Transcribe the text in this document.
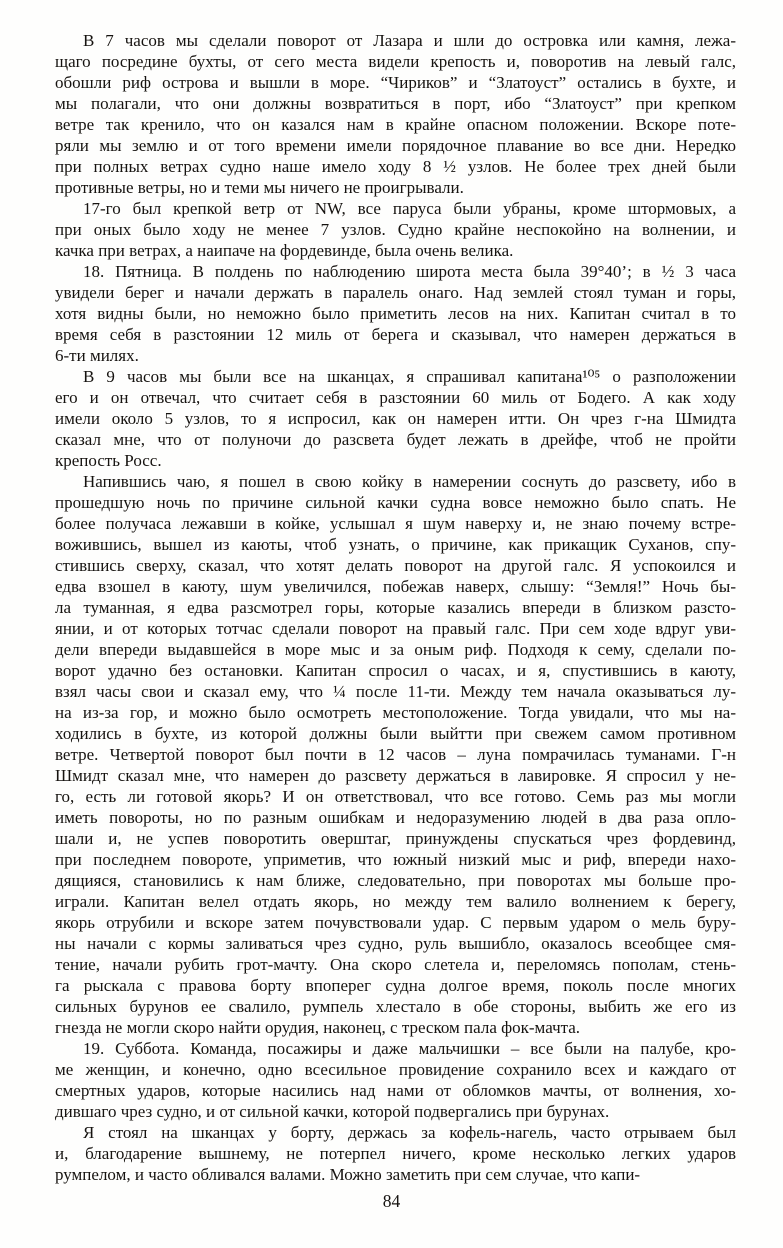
В 7 часов мы сделали поворот от Лазара и шли до островка или камня, лежа-
щаго посредине бухты, от сего места видели крепость и, поворотив на левый галс,
обошли риф острова и вышли в море. “Чириков” и “Златоуст” остались в бухте, и
мы полагали, что они должны возвратиться в порт, ибо “Златоуст” при крепком
ветре так кренило, что он казался нам в крайне опасном положении. Вскоре поте-
ряли мы землю и от того времени имели порядочное плавание во все дни. Нередко
при полных ветрах судно наше имело ходу 8 ½ узлов. Не более трех дней были
противные ветры, но и теми мы ничего не проигрывали.
17-го был крепкой ветр от NW, все паруса были убраны, кроме штормовых, а
при оных было ходу не менее 7 узлов. Судно крайне неспокойно на волнении, и
качка при ветрах, а наипаче на фордевинде, была очень велика.
18. Пятница. В полдень по наблюдению широта места была 39°40’; в ½ 3 часа
увидели берег и начали держать в паралель онаго. Над землей стоял туман и горы,
хотя видны были, но неможно было приметить лесов на них. Капитан считал в то
время себя в разстоянии 12 миль от берега и сказывал, что намерен держаться в
6-ти милях.
В 9 часов мы были все на шканцах, я спрашивал капитана¹⁰⁵ о разположении
его и он отвечал, что считает себя в разстоянии 60 миль от Бодего. А как ходу
имели около 5 узлов, то я испросил, как он намерен итти. Он чрез г-на Шмидта
сказал мне, что от полуночи до разсвета будет лежать в дрейфе, чтоб не пройти
крепость Росс.
Напившись чаю, я пошел в свою койку в намерении соснуть до разсвету, ибо в
прошедшую ночь по причине сильной качки судна вовсе неможно было спать. Не
более получаса лежавши в койке, услышал я шум наверху и, не знаю почему встре-
вожившись, вышел из каюты, чтоб узнать, о причине, как прикащик Суханов, спу-
стившись сверху, сказал, что хотят делать поворот на другой галс. Я успокоился и
едва взошел в каюту, шум увеличился, побежав наверх, слышу: “Земля!” Ночь бы-
ла туманная, я едва разсмотрел горы, которые казались впереди в близком разсто-
янии, и от которых тотчас сделали поворот на правый галс. При сем ходе вдруг уви-
дели впереди выдавшейся в море мыс и за оным риф. Подходя к сему, сделали по-
ворот удачно без остановки. Капитан спросил о часах, и я, спустившись в каюту,
взял часы свои и сказал ему, что ¼ после 11-ти. Между тем начала оказываться лу-
на из-за гор, и можно было осмотреть местоположение. Тогда увидали, что мы на-
ходились в бухте, из которой должны были выйтти при свежем самом противном
ветре. Четвертой поворот был почти в 12 часов – луна помрачилась туманами. Г-н
Шмидт сказал мне, что намерен до разсвету держаться в лавировке. Я спросил у не-
го, есть ли готовой якорь? И он ответствовал, что все готово. Семь раз мы могли
иметь повороты, но по разным ошибкам и недоразумению людей в два раза опло-
шали и, не успев поворотить оверштаг, принуждены спускаться чрез фордевинд,
при последнем повороте, уприметив, что южный низкий мыс и риф, впереди нахо-
дящияся, становились к нам ближе, следовательно, при поворотах мы больше про-
играли. Капитан велел отдать якорь, но между тем валило волнением к берегу,
якорь отрубили и вскоре затем почувствовали удар. С первым ударом о мель буру-
ны начали с кормы заливаться чрез судно, руль вышибло, оказалось всеобщее смя-
тение, начали рубить грот-мачту. Она скоро слетела и, переломясь пополам, стень-
га рыскала с правова борту впоперег судна долгое время, поколь после многих
сильных бурунов ее свалило, румпель хлестало в обе стороны, выбить же его из
гнезда не могли скоро найти орудия, наконец, с треском пала фок-мачта.
19. Суббота. Команда, посажиры и даже мальчишки – все были на палубе, кро-
ме женщин, и конечно, одно всесильное провидение сохранило всех и каждаго от
смертных ударов, которые насились над нами от обломков мачты, от волнения, хо-
дившаго чрез судно, и от сильной качки, которой подвергались при бурунах.
Я стоял на шканцах у борту, держась за кофель-нагель, часто отрываем был
и, благодарение вышнему, не потерпел ничего, кроме несколько легких ударов
румпелом, и часто обливался валами. Можно заметить при сем случае, что капи-
84
